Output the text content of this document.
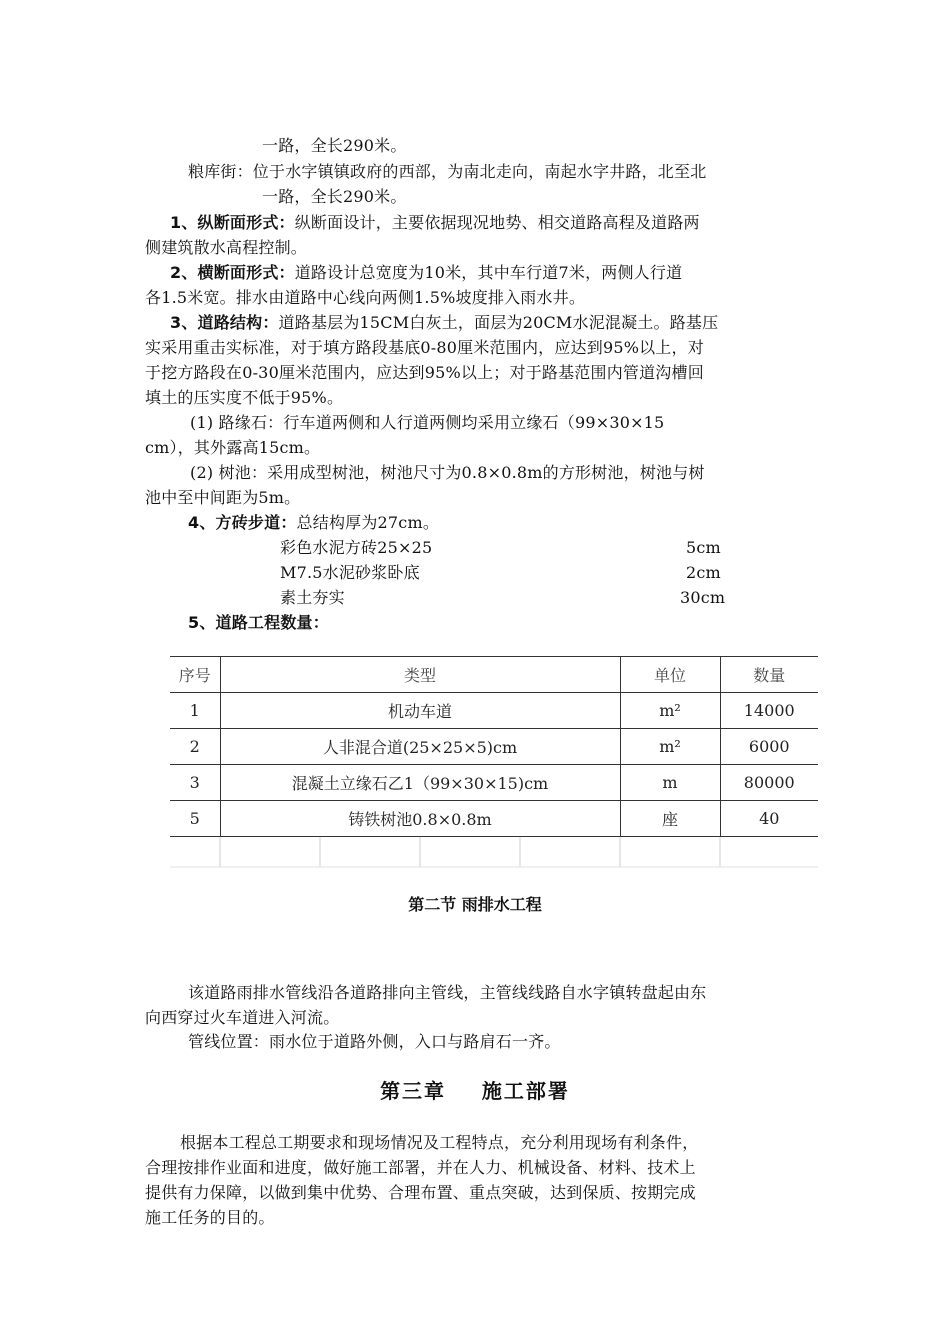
一路，全长290米。

粮库街：位于水字镇镇政府的西部，为南北走向，南起水字井路，北至北

一路，全长290米。

1、纵断面形式：纵断面设计，主要依据现况地势、相交道路高程及道路两

侧建筑散水高程控制。

2、横断面形式：道路设计总宽度为10米，其中车行道7米，两侧人行道

各1.5米宽。排水由道路中心线向两侧1.5%坡度排入雨水井。

3、道路结构：道路基层为15CM白灰土，面层为20CM水泥混凝土。路基压

实采用重击实标准，对于填方路段基底0-80厘米范围内，应达到95%以上，对

于挖方路段在0-30厘米范围内，应达到95%以上；对于路基范围内管道沟槽回

填土的压实度不低于95%。

(1) 路缘石：行车道两侧和人行道两侧均采用立缘石（99×30×15

cm），其外露高15cm。

(2) 树池：采用成型树池，树池尺寸为0.8×0.8m的方形树池，树池与树

池中至中间距为5m。

4、方砖步道：总结构厚为27cm。

彩色水泥方砖25×25	5cm

M7.5水泥砂浆卧底	2cm

素土夯实	30cm

5、道路工程数量：

序号	类型	单位	数量
1	机动车道	m²	14000
2	人非混合道(25×25×5)cm	m²	6000
3	混凝土立缘石乙1（99×30×15)cm	m	80000
5	铸铁树池0.8×0.8m	座	40
第二节 雨排水工程

该道路雨排水管线沿各道路排向主管线，主管线线路自水字镇转盘起由东

向西穿过火车道进入河流。

管线位置：雨水位于道路外侧，入口与路肩石一齐。

第三章    施工部署

根据本工程总工期要求和现场情况及工程特点，充分利用现场有利条件，

合理按排作业面和进度，做好施工部署，并在人力、机械设备、材料、技术上

提供有力保障，以做到集中优势、合理布置、重点突破，达到保质、按期完成

施工任务的目的。
